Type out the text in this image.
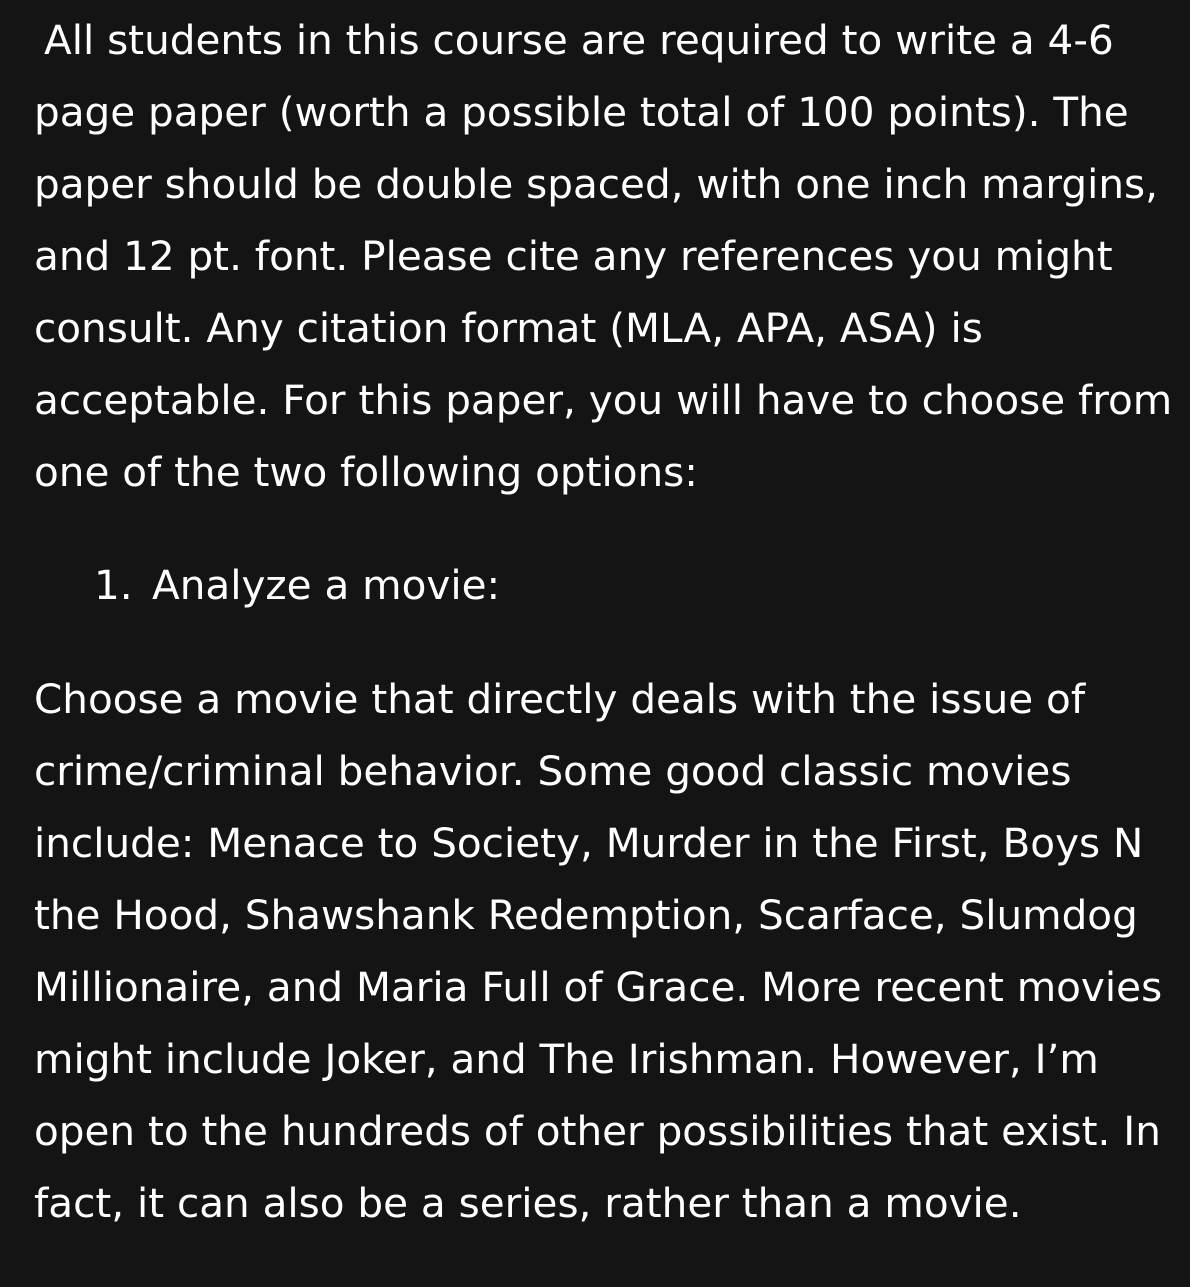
All students in this course are required to write a 4-6
page paper (worth a possible total of 100 points). The
paper should be double spaced, with one inch margins,
and 12 pt. font. Please cite any references you might
consult. Any citation format (MLA, APA, ASA) is
acceptable. For this paper, you will have to choose from
one of the two following options:
1. Analyze a movie:
Choose a movie that directly deals with the issue of
crime/criminal behavior. Some good classic movies
include: Menace to Society, Murder in the First, Boys N
the Hood, Shawshank Redemption, Scarface, Slumdog
Millionaire, and Maria Full of Grace. More recent movies
might include Joker, and The Irishman. However, I’m
open to the hundreds of other possibilities that exist. In
fact, it can also be a series, rather than a movie.
